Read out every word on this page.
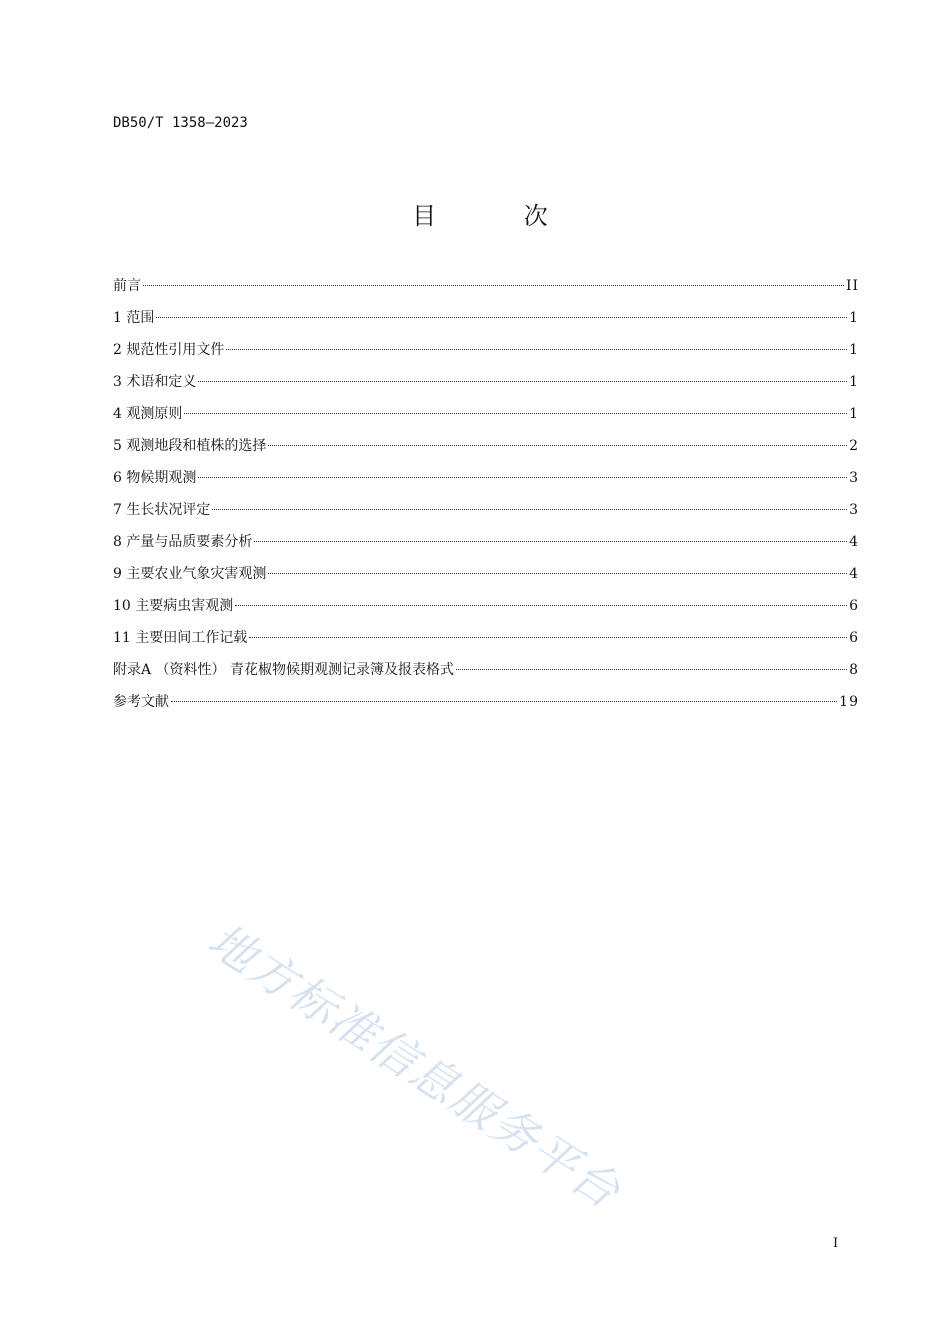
DB50/T 1358—2023
目 次
前言	II
1 范围	1
2 规范性引用文件	1
3 术语和定义	1
4 观测原则	1
5 观测地段和植株的选择	2
6 物候期观测	3
7 生长状况评定	3
8 产量与品质要素分析	4
9 主要农业气象灾害观测	4
10 主要病虫害观测	6
11 主要田间工作记载	6
附录A （资料性） 青花椒物候期观测记录簿及报表格式	8
参考文献	19
地方标准信息服务平台
I
